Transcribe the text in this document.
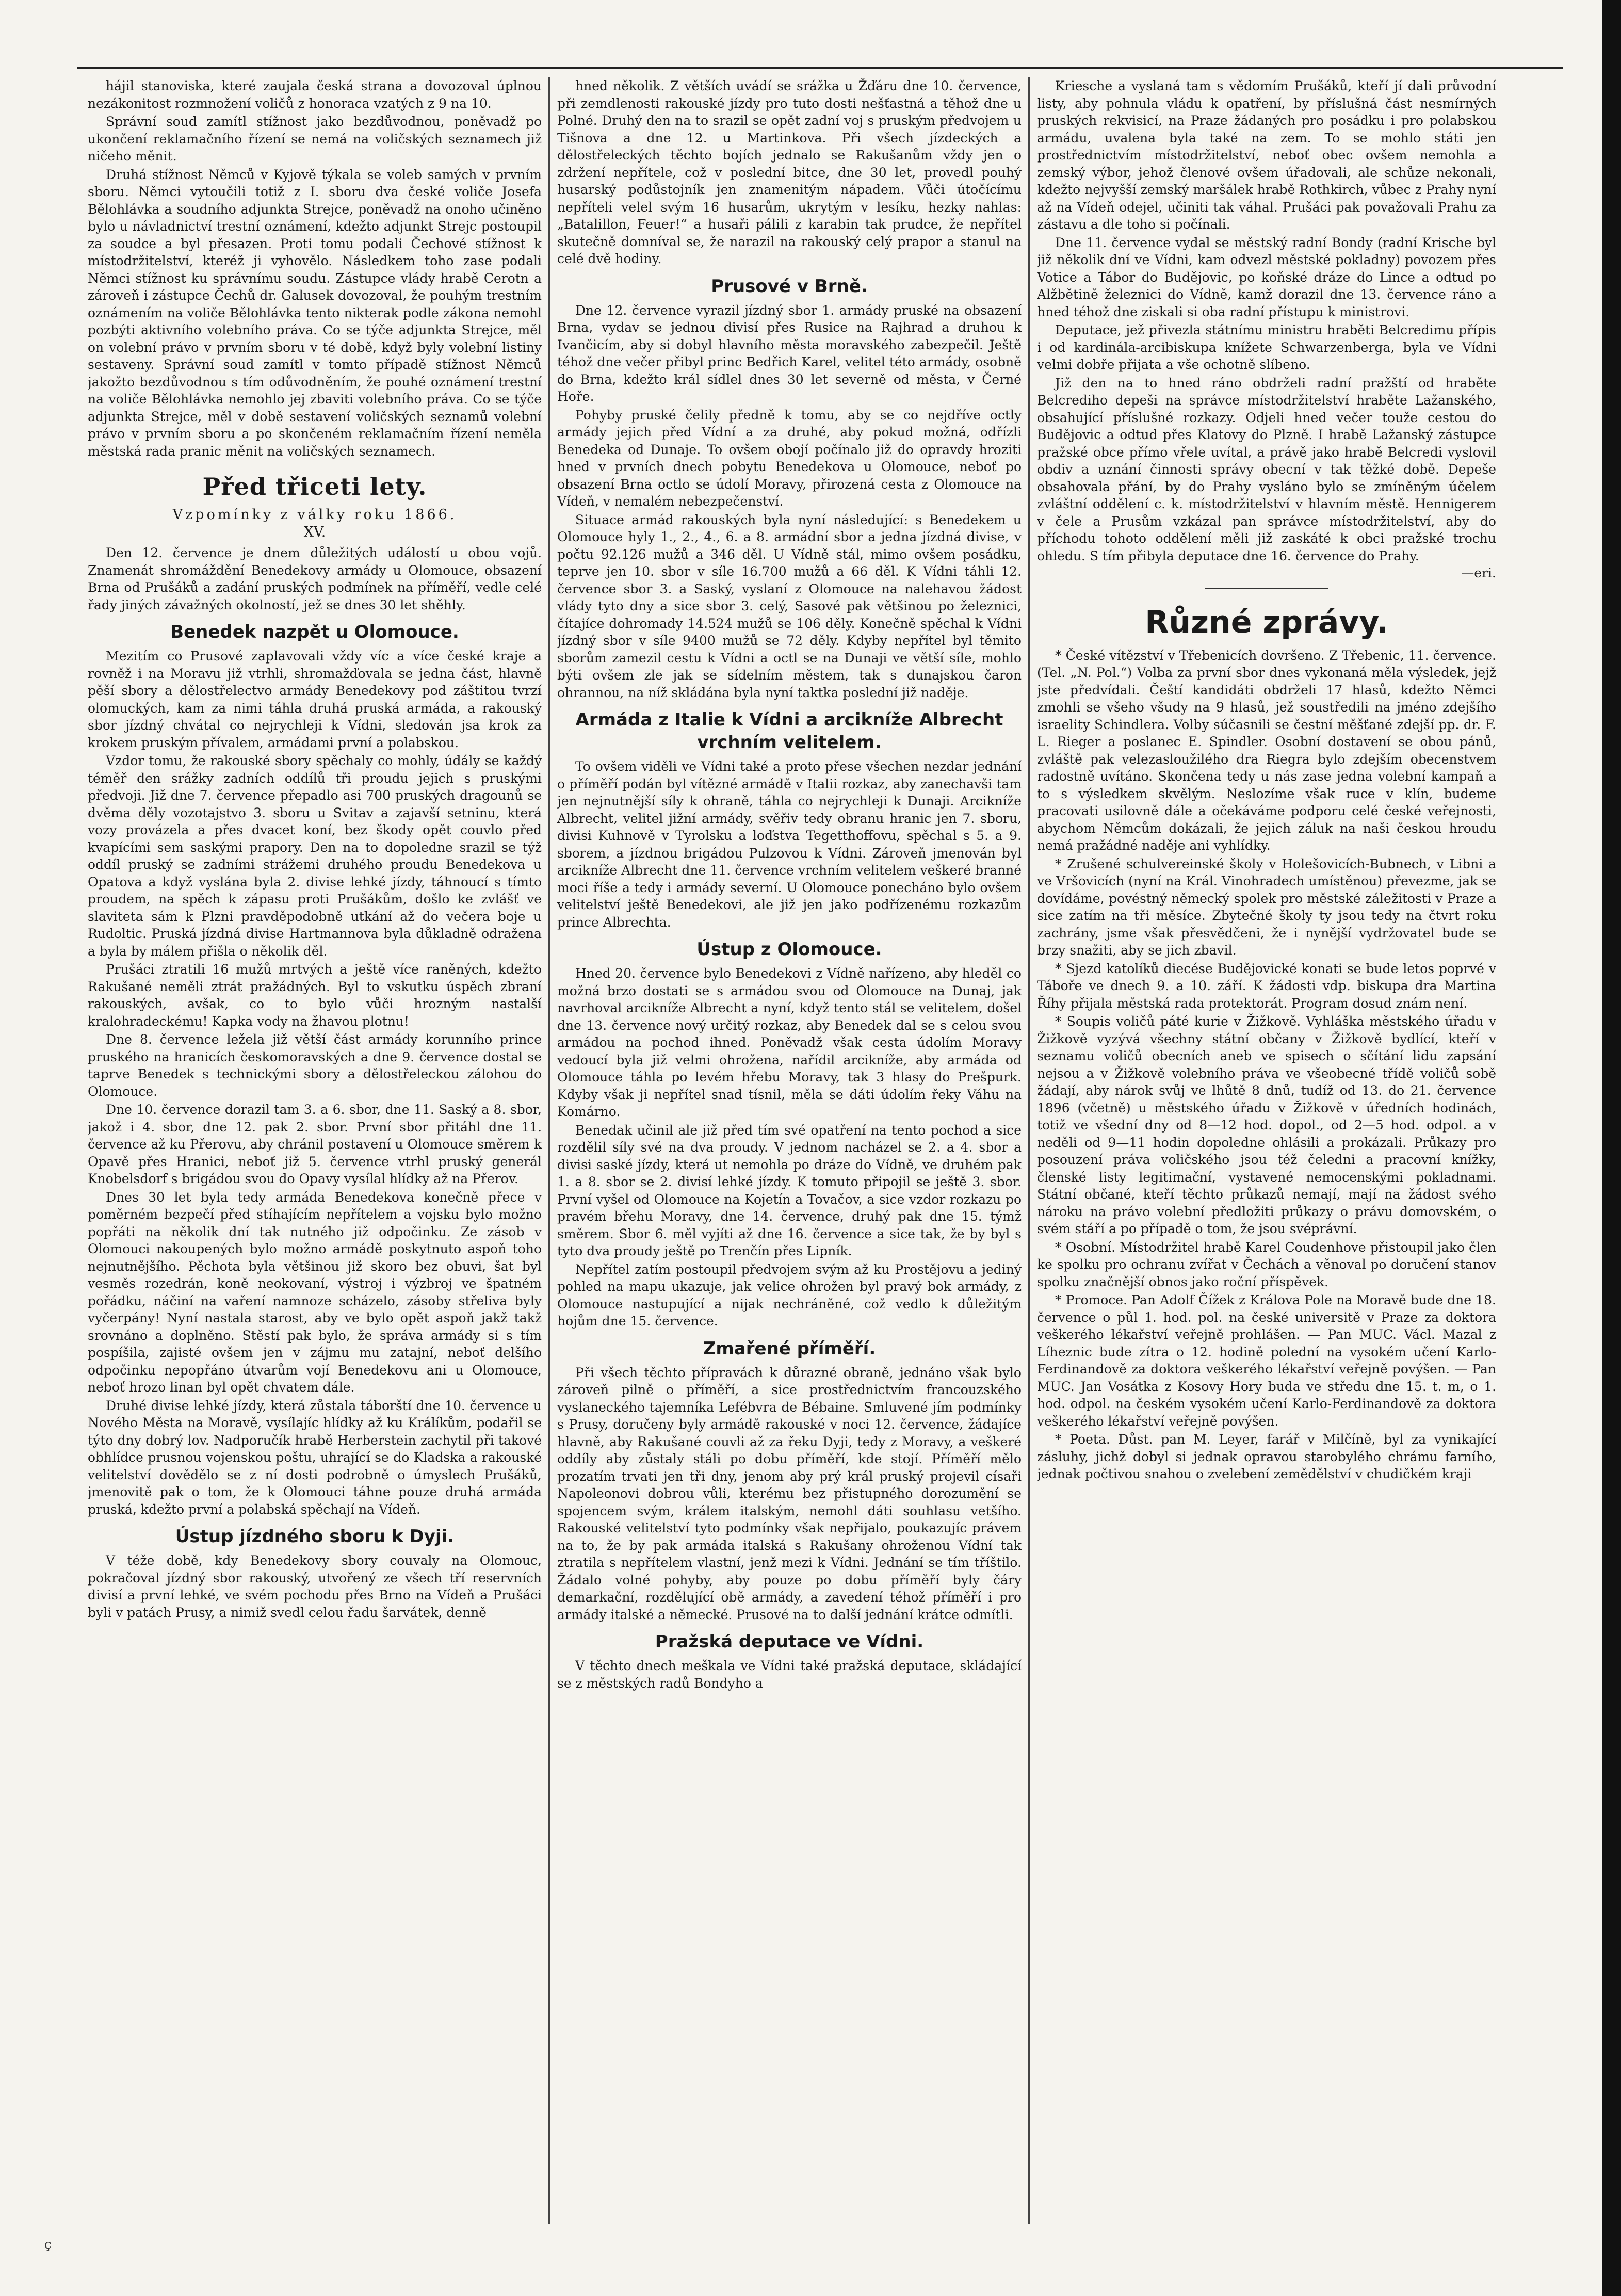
hájil stanoviska, které zaujala česká strana a dovozoval úplnou nezákonitost rozmnožení voličů z honoraca vzatých z 9 na 10.

Správní soud zamítl stížnost jako bezdůvodnou, poněvadž po ukončení reklamačního řízení se nemá na voličských seznamech již ničeho měnit.

Druhá stížnost Němců v Kyjově týkala se voleb samých v prvním sboru. Němci vytoučili totiž z I. sboru dva české voliče Josefa Bělohlávka a soudního adjunkta Strejce, poněvadž na onoho učiněno bylo u návladnictví trestní oznámení, kdežto adjunkt Strejc postoupil za soudce a byl přesazen. Proti tomu podali Čechové stížnost k místodržitelství, kteréž ji vyhovělo. Následkem toho zase podali Němci stížnost ku správnímu soudu. Zástupce vlády hrabě Cerotn a zároveň i zástupce Čechů dr. Galusek dovozoval, že pouhým trestním oznámením na voliče Bělohlávka tento nikterak podle zákona nemohl pozbýti aktivního volebního práva. Co se týče adjunkta Strejce, měl on volební právo v prvním sboru v té době, když byly volební listiny sestaveny. Správní soud zamítl v tomto případě stížnost Němců jakožto bezdůvodnou s tím odůvodněním, že pouhé oznámení trestní na voliče Bělohlávka nemohlo jej zbaviti volebního práva. Co se týče adjunkta Strejce, měl v době sestavení voličských seznamů volební právo v prvním sboru a po skončeném reklamačním řízení neměla městská rada pranic měnit na voličských seznamech.

Před třiceti lety.
Vzpomínky z války roku 1866.
XV.

Den 12. července je dnem důležitých událostí u obou vojů. Znamenát shromáždění Benedekovy armády u Olomouce, obsazení Brna od Prušáků a zadání pruských podmínek na příměří, vedle celé řady jiných závažných okolností, jež se dnes 30 let shěhly.

Benedek nazpět u Olomouce.

Mezitím co Prusové zaplavovali vždy víc a více české kraje a rovněž i na Moravu již vtrhli, shromažďovala se jedna část, hlavně pěší sbory a dělostřelectvo armády Benedekovy pod záštitou tvrzí olomuckých, kam za nimi táhla druhá pruská armáda, a rakouský sbor jízdný chvátal co nejrychleji k Vídni, sledován jsa krok za krokem pruským přívalem, armádami první a polabskou.

Vzdor tomu, že rakouské sbory spěchaly co mohly, údály se každý téměř den srážky zadních oddílů tři proudu jejich s pruskými předvoji. Již dne 7. července přepadlo asi 700 pruských dragounů se dvěma děly vozotajstvo 3. sboru u Svitav a zajavší setninu, která vozy provázela a přes dvacet koní, bez škody opět couvlo před kvapícími sem saskými prapory. Den na to dopoledne srazil se týž oddíl pruský se zadními strážemi druhého proudu Benedekova u Opatova a když vyslána byla 2. divise lehké jízdy, táhnoucí s tímto proudem, na spěch k zápasu proti Prušákům, došlo ke zvlášť ve slaviteta sám k Plzni pravděpodobně utkání až do večera boje u Rudoltic. Pruská jízdná divise Hartmannova byla důkladně odražena a byla by málem přišla o několik děl.

Prušáci ztratili 16 mužů mrtvých a ještě více raněných, kdežto Rakušané neměli ztrát pražádných. Byl to vskutku úspěch zbraní rakouských, avšak, co to bylo vůči hrozným nastalší kralohradeckému! Kapka vody na žhavou plotnu!

Dne 8. července ležela již větší část armády korunního prince pruského na hranicích českomoravských a dne 9. července dostal se taprve Benedek s technickými sbory a dělostřeleckou zálohou do Olomouce.

Dne 10. července dorazil tam 3. a 6. sbor, dne 11. Saský a 8. sbor, jakož i 4. sbor, dne 12. pak 2. sbor. První sbor přitáhl dne 11. července až ku Přerovu, aby chránil postavení u Olomouce směrem k Opavě přes Hranici, neboť již 5. července vtrhl pruský generál Knobelsdorf s brigádou svou do Opavy vysílal hlídky až na Přerov.

Dnes 30 let byla tedy armáda Benedekova konečně přece v poměrném bezpečí před stíhajícím nepřítelem a vojsku bylo možno popřáti na několik dní tak nutného již odpočinku. Ze zásob v Olomouci nakoupených bylo možno armádě poskytnuto aspoň toho nejnutnějšího. Pěchota byla většinou již skoro bez obuvi, šat byl vesměs rozedrán, koně neokovaní, výstroj i výzbroj ve špatném pořádku, náčiní na vaření namnoze scházelo, zásoby střeliva byly vyčerpány! Nyní nastala starost, aby ve bylo opět aspoň jakž takž srovnáno a doplněno. Stěstí pak bylo, že správa armády si s tím pospíšila, zajisté ovšem jen v zájmu mu zatajní, neboť delšího odpočinku nepopřáno útvarům vojí Benedekovu ani u Olomouce, neboť hrozo linan byl opět chvatem dále.

Druhé divise lehké jízdy, která zůstala táborští dne 10. července u Nového Města na Moravě, vysílajíc hlídky až ku Králíkům, podařil se týto dny dobrý lov. Nadporučík hrabě Herberstein zachytil při takové obhlídce prusnou vojenskou poštu, uhrající se do Kladska a rakouské velitelství dovědělo se z ní dosti podrobně o úmyslech Prušáků, jmenovitě pak o tom, že k Olomouci táhne pouze druhá armáda pruská, kdežto první a polabská spěchají na Vídeň.

Ústup jízdného sboru k Dyji.

V téže době, kdy Benedekovy sbory couvaly na Olomouc, pokračoval jízdný sbor rakouský, utvořený ze všech tří reservních divisí a první lehké, ve svém pochodu přes Brno na Vídeň a Prušáci byli v patách Prusy, a nimiž svedl celou řadu šarvátek, denně

hned několik. Z větších uvádí se srážka u Žďáru dne 10. července, při zemdlenosti rakouské jízdy pro tuto dosti nešťastná a těhož dne u Polné. Druhý den na to srazil se opět zadní voj s pruským předvojem u Tišnova a dne 12. u Martinkova. Při všech jízdeckých a dělostřeleckých těchto bojích jednalo se Rakušanům vždy jen o zdržení nepřítele, což v poslední bitce, dne 30 let, provedl pouhý husarský podůstojník jen znamenitým nápadem. Vůči útočícímu nepříteli velel svým 16 husarům, ukrytým v lesíku, hezky nahlas: „Batalillon, Feuer!“ a husaři pálili z karabin tak prudce, že nepřítel skutečně domníval se, že narazil na rakouský celý prapor a stanul na celé dvě hodiny.

Prusové v Brně.

Dne 12. července vyrazil jízdný sbor 1. armády pruské na obsazení Brna, vydav se jednou divisí přes Rusice na Rajhrad a druhou k Ivančicím, aby si dobyl hlavního města moravského zabezpečil. Ještě téhož dne večer přibyl princ Bedřich Karel, velitel této armády, osobně do Brna, kdežto král sídlel dnes 30 let severně od města, v Černé Hoře.

Pohyby pruské čelily předně k tomu, aby se co nejdříve octly armády jejich před Vídní a za druhé, aby pokud možná, odřízli Benedeka od Dunaje. To ovšem obojí počínalo již do opravdy hroziti hned v prvních dnech pobytu Benedekova u Olomouce, neboť po obsazení Brna octlo se údolí Moravy, přirozená cesta z Olomouce na Vídeň, v nemalém nebezpečenství.

Situace armád rakouských byla nyní následující: s Benedekem u Olomouce hyly 1., 2., 4., 6. a 8. armádní sbor a jedna jízdná divise, v počtu 92.126 mužů a 346 děl. U Vídně stál, mimo ovšem posádku, teprve jen 10. sbor v síle 16.700 mužů a 66 děl. K Vídni táhli 12. července sbor 3. a Saský, vyslaní z Olomouce na nalehavou žádost vlády tyto dny a sice sbor 3. celý, Sasové pak většinou po železnici, čítajíce dohromady 14.524 mužů se 106 děly. Konečně spěchal k Vídni jízdný sbor v síle 9400 mužů se 72 děly. Kdyby nepřítel byl těmito sborům zamezil cestu k Vídni a octl se na Dunaji ve větší síle, mohlo býti ovšem zle jak se sídelním městem, tak s dunajskou čaron ohrannou, na níž skládána byla nyní taktka poslední již naděje.

Armáda z Italie k Vídni a arcikníže Albrecht vrchním velitelem.

To ovšem viděli ve Vídni také a proto přese všechen nezdar jednání o příměří podán byl vítězné armádě v Italii rozkaz, aby zanechavši tam jen nejnutnější síly k ohraně, táhla co nejrychleji k Dunaji. Arcikníže Albrecht, velitel jižní armády, svěřiv tedy obranu hranic jen 7. sboru, divisi Kuhnově v Tyrolsku a loďstva Tegetthoffovu, spěchal s 5. a 9. sborem, a jízdnou brigádou Pulzovou k Vídni. Zároveň jmenován byl arcikníže Albrecht dne 11. července vrchním velitelem veškeré branné moci říše a tedy i armády severní. U Olomouce ponecháno bylo ovšem velitelství ještě Benedekovi, ale již jen jako podřízenému rozkazům prince Albrechta.

Ústup z Olomouce.

Hned 20. července bylo Benedekovi z Vídně nařízeno, aby hleděl co možná brzo dostati se s armádou svou od Olomouce na Dunaj, jak navrhoval arcikníže Albrecht a nyní, když tento stál se velitelem, došel dne 13. července nový určitý rozkaz, aby Benedek dal se s celou svou armádou na pochod ihned. Poněvadž však cesta údolím Moravy vedoucí byla již velmi ohrožena, nařídil arcikníže, aby armáda od Olomouce táhla po levém hřebu Moravy, tak 3 hlasy do Prešpurk. Kdyby však ji nepřítel snad tísnil, měla se dáti údolím řeky Váhu na Komárno.

Benedak učinil ale již před tím své opatření na tento pochod a sice rozdělil síly své na dva proudy. V jednom nacházel se 2. a 4. sbor a divisi saské jízdy, která ut nemohla po dráze do Vídně, ve druhém pak 1. a 8. sbor se 2. divisí lehké jízdy. K tomuto připojil se ještě 3. sbor. První vyšel od Olomouce na Kojetín a Tovačov, a sice vzdor rozkazu po pravém břehu Moravy, dne 14. července, druhý pak dne 15. týmž směrem. Sbor 6. měl vyjíti až dne 16. července a sice tak, že by byl s tyto dva proudy ještě po Trenčín přes Lipník.

Nepřítel zatím postoupil předvojem svým až ku Prostějovu a jediný pohled na mapu ukazuje, jak velice ohrožen byl pravý bok armády, z Olomouce nastupující a nijak nechráněné, což vedlo k důležitým hojům dne 15. července.

Zmařené příměří.

Při všech těchto přípravách k důrazné obraně, jednáno však bylo zároveň pilně o příměří, a sice prostřednictvím francouzského vyslaneckého tajemníka Lefébvra de Bébaine. Smluvené jím podmínky s Prusy, doručeny byly armádě rakouské v noci 12. července, žádajíce hlavně, aby Rakušané couvli až za řeku Dyji, tedy z Moravy, a veškeré oddíly aby zůstaly stáli po dobu příměří, kde stojí. Příměří mělo prozatím trvati jen tři dny, jenom aby prý král pruský projevil císaři Napoleonovi dobrou vůli, kterému bez přistupného dorozumění se spojencem svým, králem italským, nemohl dáti souhlasu vetšího. Rakouské velitelství tyto podmínky však nepřijalo, poukazujíc právem na to, že by pak armáda italská s Rakušany ohroženou Vídní tak ztratila s nepřítelem vlastní, jenž mezi k Vídni. Jednání se tím tříštilo. Žádalo volné pohyby, aby pouze po dobu příměří byly čáry demarkační, rozdělující obě armády, a zavedení téhož příměří i pro armády italské a německé. Prusové na to další jednání krátce odmítli.

Pražská deputace ve Vídni.

V těchto dnech meškala ve Vídni také pražská deputace, skládající se z městských radů Bondyho a

Kriesche a vyslaná tam s vědomím Prušáků, kteří jí dali průvodní listy, aby pohnula vládu k opatření, by příslušná část nesmírných pruských rekvisicí, na Praze žádaných pro posádku i pro polabskou armádu, uvalena byla také na zem. To se mohlo státi jen prostřednictvím místodržitelství, neboť obec ovšem nemohla a zemský výbor, jehož členové ovšem úřadovali, ale schůze nekonali, kdežto nejvyšší zemský maršálek hrabě Rothkirch, vůbec z Prahy nyní až na Vídeň odejel, učiniti tak váhal. Prušáci pak považovali Prahu za zástavu a dle toho si počínali.

Dne 11. července vydal se městský radní Bondy (radní Krische byl již několik dní ve Vídni, kam odvezl městské pokladny) povozem přes Votice a Tábor do Budějovic, po koňské dráze do Lince a odtud po Alžbětině železnici do Vídně, kamž dorazil dne 13. července ráno a hned téhož dne ziskali si oba radní přístupu k ministrovi.

Deputace, jež přivezla státnímu ministru hraběti Belcredimu přípis i od kardinála-arcibiskupa knížete Schwarzenberga, byla ve Vídni velmi dobře přijata a vše ochotně slíbeno.

Již den na to hned ráno obdrželi radní pražští od hraběte Belcrediho depeši na správce místodržitelství hraběte Lažanského, obsahující příslušné rozkazy. Odjeli hned večer touže cestou do Budějovic a odtud přes Klatovy do Plzně. I hrabě Lažanský zástupce pražské obce přímo vřele uvítal, a právě jako hrabě Belcredi vyslovil obdiv a uznání činnosti správy obecní v tak těžké době. Depeše obsahovala přání, by do Prahy vysláno bylo se zmíněným účelem zvláštní oddělení c. k. místodržitelství v hlavním městě. Hennigerem v čele a Prusům vzkázal pan správce místodržitelství, aby do příchodu tohoto oddělení měli již zaskáté k obci pražské trochu ohledu. S tím přibyla deputace dne 16. července do Prahy.

—eri.
Různé zprávy.

* České vítězství v Třebenicích dovršeno. Z Třebenic, 11. července. (Tel. „N. Pol.“) Volba za první sbor dnes vykonaná měla výsledek, jejž jste předvídali. Čeští kandidáti obdrželi 17 hlasů, kdežto Němci zmohli se všeho všudy na 9 hlasů, jež soustředili na jméno zdejšího israelity Schindlera. Volby súčasnili se čestní měšťané zdejší pp. dr. F. L. Rieger a poslanec E. Spindler. Osobní dostavení se obou pánů, zvláště pak velezasloužilého dra Riegra bylo zdejším obecenstvem radostně uvítáno. Skončena tedy u nás zase jedna volební kampaň a to s výsledkem skvělým. Neslozíme však ruce v klín, budeme pracovati usilovně dále a očekáváme podporu celé české veřejnosti, abychom Němcům dokázali, že jejich záluk na naši českou hroudu nemá pražádné naděje ani vyhlídky.

* Zrušené schulvereinské školy v Holešovicích-Bubnech, v Libni a ve Vršovicích (nyní na Král. Vinohradech umístěnou) převezme, jak se dovídáme, povéstný německý spolek pro městské záležitosti v Praze a sice zatím na tři měsíce. Zbytečné školy ty jsou tedy na čtvrt roku zachrány, jsme však přesvědčeni, že i nynější vydržovatel bude se brzy snažiti, aby se jich zbavil.

* Sjezd katolíků diecése Budějovické konati se bude letos poprvé v Táboře ve dnech 9. a 10. září. K žádosti vdp. biskupa dra Martina Říhy přijala městská rada protektorát. Program dosud znám není.

* Soupis voličů páté kurie v Žižkově. Vyhláška městského úřadu v Žižkově vyzývá všechny státní občany v Žižkově bydlící, kteří v seznamu voličů obecních aneb ve spisech o sčítání lidu zapsání nejsou a v Žižkově volebního práva ve všeobecné třídě voličů sobě žádají, aby nárok svůj ve lhůtě 8 dnů, tudíž od 13. do 21. července 1896 (včetně) u městského úřadu v Žižkově v úředních hodinách, totiž ve všední dny od 8—12 hod. dopol., od 2—5 hod. odpol. a v neděli od 9—11 hodin dopoledne ohlásili a prokázali. Průkazy pro posouzení práva voličského jsou též čeledni a pracovní knížky, členské listy legitimační, vystavené nemocenskými pokladnami. Státní občané, kteří těchto průkazů nemají, mají na žádost svého nároku na právo volební předložiti průkazy o právu domovském, o svém stáří a po případě o tom, že jsou svéprávní.

* Osobní. Místodržitel hrabě Karel Coudenhove přistoupil jako člen ke spolku pro ochranu zvířat v Čechách a věnoval po doručení stanov spolku značnější obnos jako roční příspěvek.

* Promoce. Pan Adolf Čížek z Králova Pole na Moravě bude dne 18. července o půl 1. hod. pol. na české universitě v Praze za doktora veškerého lékařství veřejně prohlášen. — Pan MUC. Václ. Mazal z Líheznic bude zítra o 12. hodině polední na vysokém učení Karlo-Ferdinandově za doktora veškerého lékařství veřejně povýšen. — Pan MUC. Jan Vosátka z Kosovy Hory buda ve středu dne 15. t. m, o 1. hod. odpol. na českém vysokém učení Karlo-Ferdinandově za doktora veškerého lékařství veřejně povýšen.

* Poeta. Důst. pan M. Leyer, farář v Milčíně, byl za vynikající zásluhy, jichž dobyl si jednak opravou starobylého chrámu farního, jednak počtivou snahou o zvelebení zemědělství v chudičkém kraji

ç
